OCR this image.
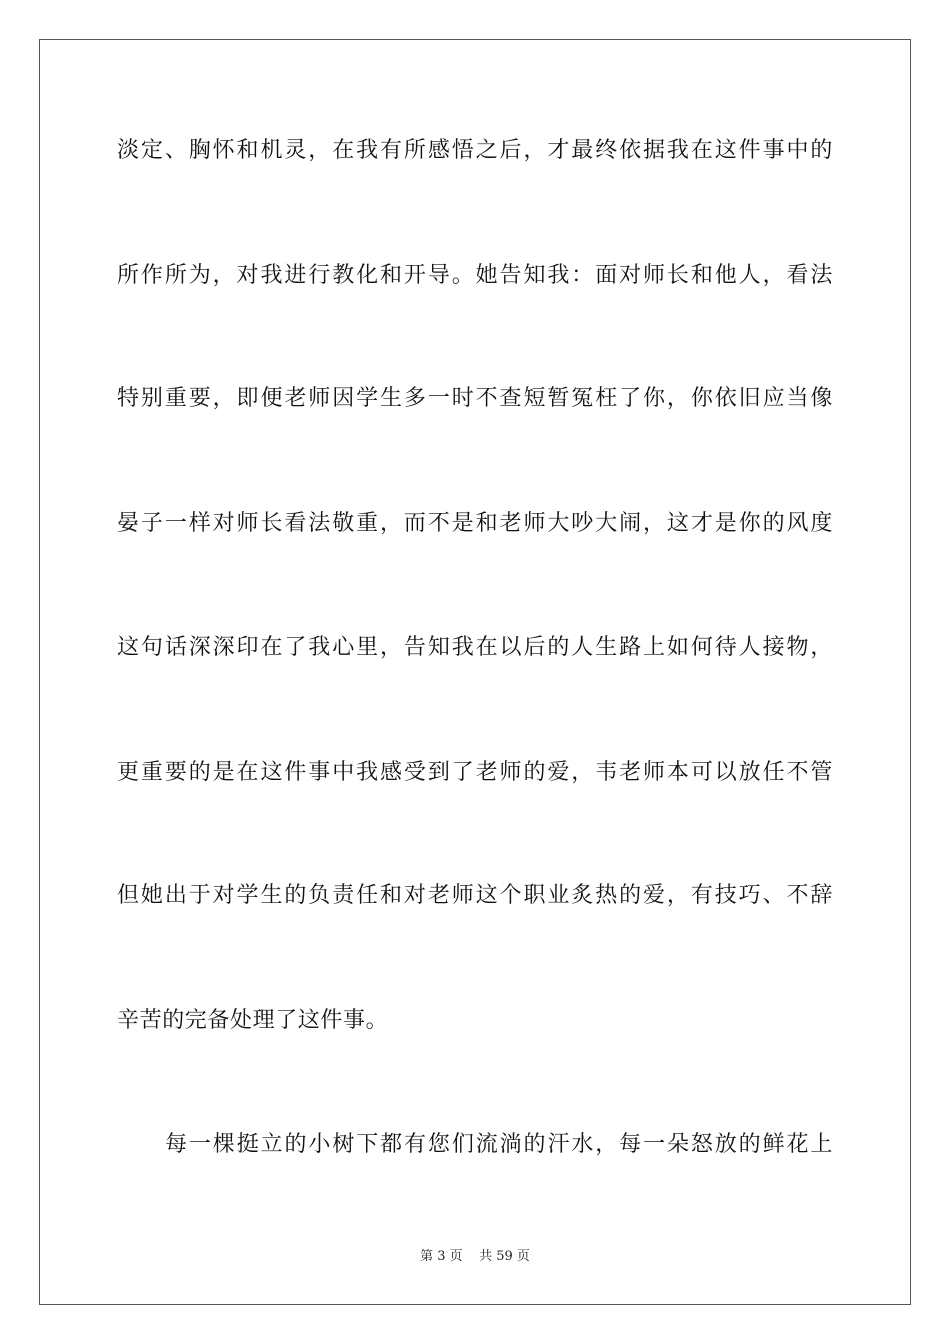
淡定、胸怀和机灵，在我有所感悟之后，才最终依据我在这件事中的
所作所为，对我进行教化和开导。她告知我：面对师长和他人，看法
特别重要，即便老师因学生多一时不查短暂冤枉了你，你依旧应当像
晏子一样对师长看法敬重，而不是和老师大吵大闹，这才是你的风度
这句话深深印在了我心里，告知我在以后的人生路上如何待人接物，
更重要的是在这件事中我感受到了老师的爱，韦老师本可以放任不管
但她出于对学生的负责任和对老师这个职业炙热的爱，有技巧、不辞
辛苦的完备处理了这件事。
每一棵挺立的小树下都有您们流淌的汗水，每一朵怒放的鲜花上
第 3 页    共 59 页
